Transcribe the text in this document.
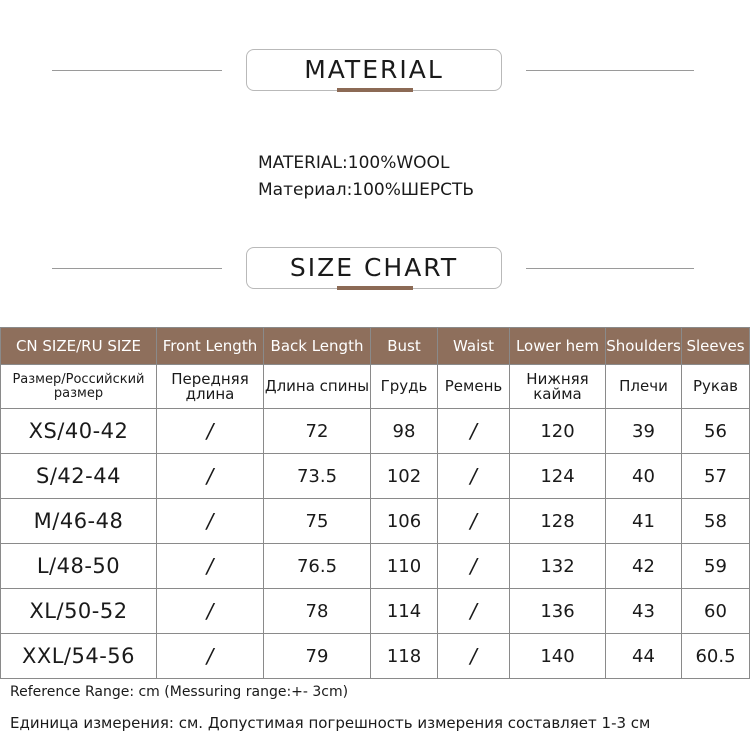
MATERIAL
MATERIAL:100%WOOL
Материал:100%ШЕРСТЬ
SIZE CHART
CN SIZE/RU SIZE	Front Length	Back Length	Bust	Waist	Lower hem	Shoulders	Sleeves
Размер/Российский размер	Передняя длина	Длина спины	Грудь	Ремень	Нижняя кайма	Плечи	Рукав
XS/40-42	/	72	98	/	120	39	56
S/42-44	/	73.5	102	/	124	40	57
M/46-48	/	75	106	/	128	41	58
L/48-50	/	76.5	110	/	132	42	59
XL/50-52	/	78	114	/	136	43	60
XXL/54-56	/	79	118	/	140	44	60.5
Reference Range: cm (Messuring range:+- 3cm)
Единица измерения: см. Допустимая погрешность измерения составляет 1-3 см
